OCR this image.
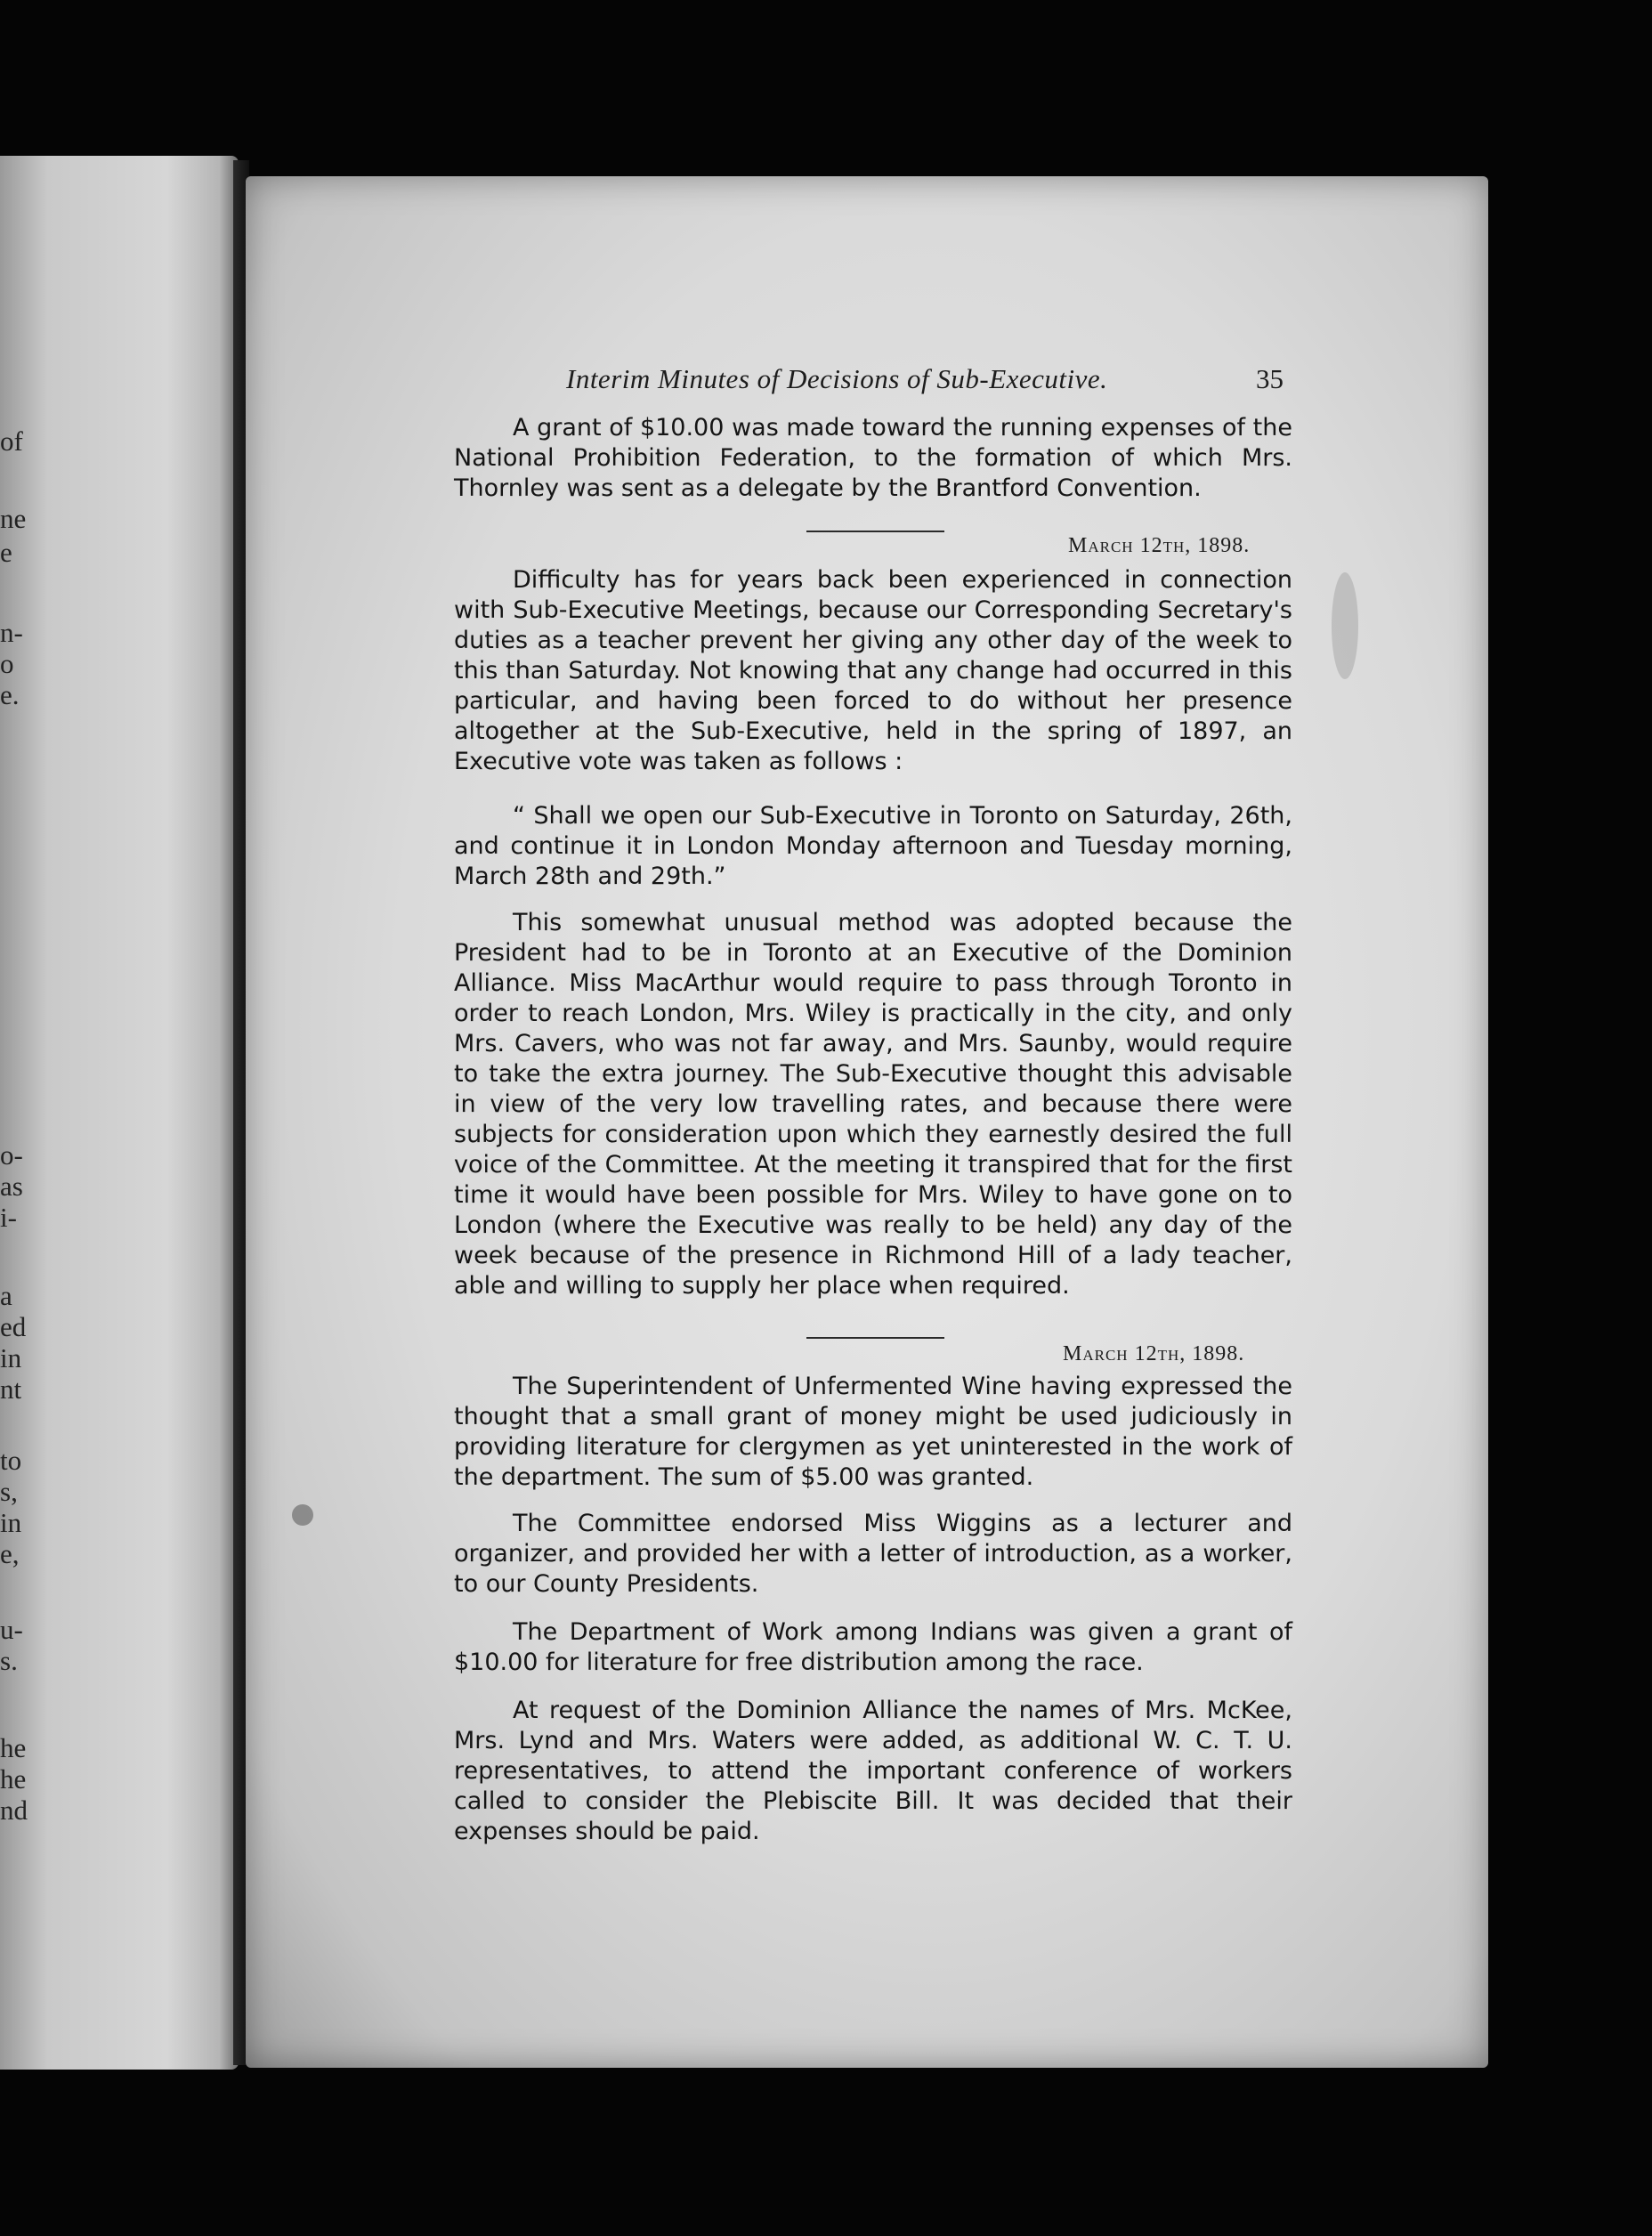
of
ne
e
n-
o
e.
o-
as
i-
a
ed
in
nt
to
s,
in
e,
u-
s.
he
he
nd
Interim Minutes of Decisions of Sub-Executive.	35

A grant of $10.00 was made toward the running expenses of the National Prohibition Federation, to the formation of which Mrs. Thornley was sent as a delegate by the Brantford Convention.

March 12th, 1898.

Difficulty has for years back been experienced in connection with Sub-Executive Meetings, because our Corresponding Secretary's duties as a teacher prevent her giving any other day of the week to this than Saturday. Not knowing that any change had occurred in this particular, and having been forced to do without her presence altogether at the Sub-Executive, held in the spring of 1897, an Executive vote was taken as follows :

“ Shall we open our Sub-Executive in Toronto on Saturday, 26th, and continue it in London Monday afternoon and Tuesday morning, March 28th and 29th.”

This somewhat unusual method was adopted because the President had to be in Toronto at an Executive of the Dominion Alliance. Miss MacArthur would require to pass through Toronto in order to reach London, Mrs. Wiley is practically in the city, and only Mrs. Cavers, who was not far away, and Mrs. Saunby, would require to take the extra journey. The Sub-Executive thought this advisable in view of the very low travelling rates, and because there were subjects for consideration upon which they earnestly desired the full voice of the Committee. At the meeting it transpired that for the first time it would have been possible for Mrs. Wiley to have gone on to London (where the Executive was really to be held) any day of the week because of the presence in Richmond Hill of a lady teacher, able and willing to supply her place when required.

March 12th, 1898.

The Superintendent of Unfermented Wine having expressed the thought that a small grant of money might be used judiciously in providing literature for clergymen as yet uninterested in the work of the department. The sum of $5.00 was granted.

The Committee endorsed Miss Wiggins as a lecturer and organizer, and provided her with a letter of introduction, as a worker, to our County Presidents.

The Department of Work among Indians was given a grant of $10.00 for literature for free distribution among the race.

At request of the Dominion Alliance the names of Mrs. McKee, Mrs. Lynd and Mrs. Waters were added, as additional W. C. T. U. representatives, to attend the important conference of workers called to consider the Plebiscite Bill. It was decided that their expenses should be paid.
